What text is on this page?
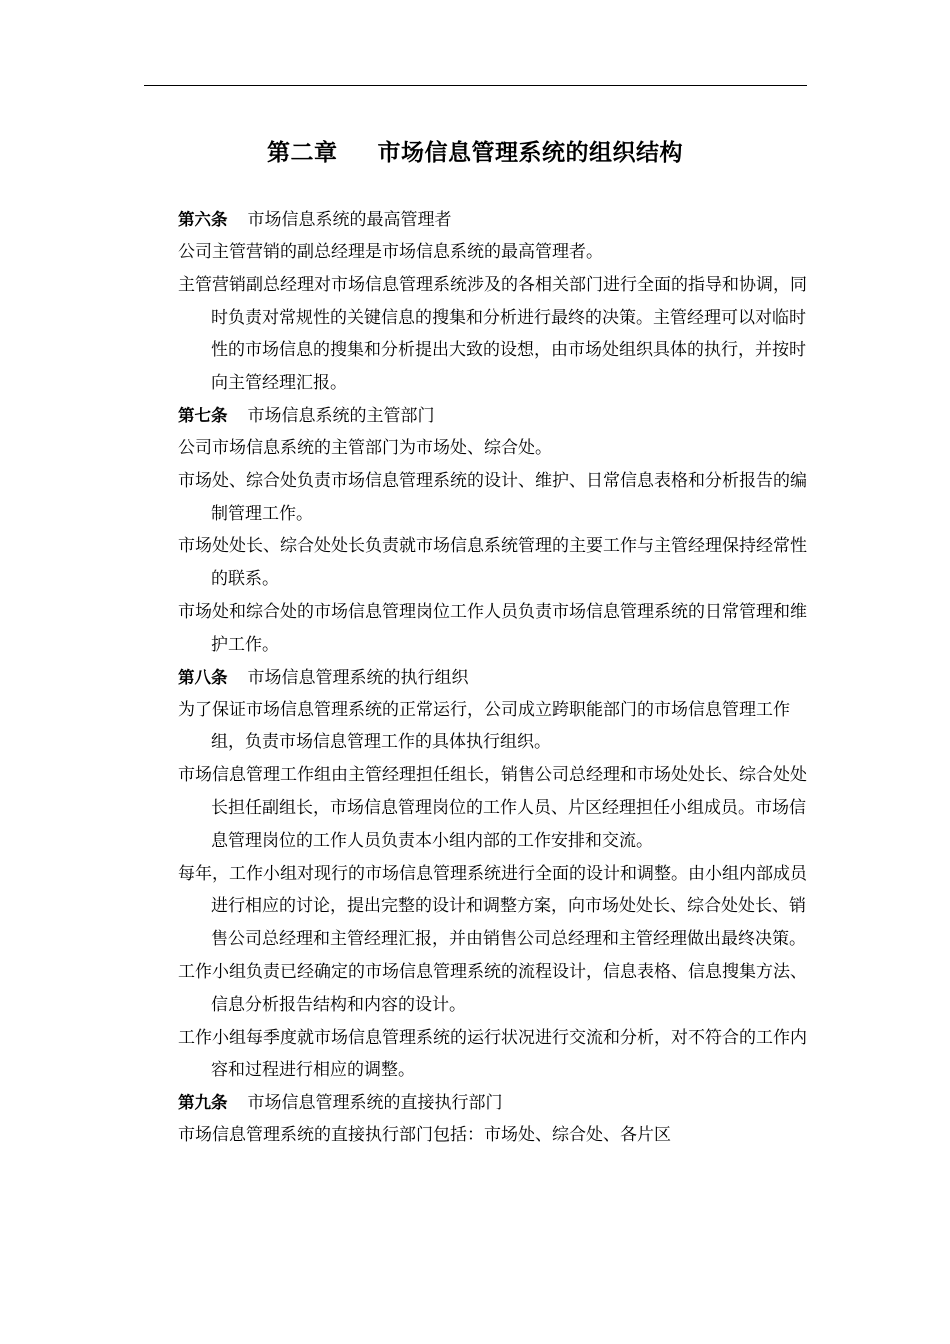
第二章 市场信息管理系统的组织结构
第六条 市场信息系统的最高管理者

公司主管营销的副总经理是市场信息系统的最高管理者。

主管营销副总经理对市场信息管理系统涉及的各相关部门进行全面的指导和协调，同时负责对常规性的关键信息的搜集和分析进行最终的决策。主管经理可以对临时性的市场信息的搜集和分析提出大致的设想，由市场处组织具体的执行，并按时向主管经理汇报。

第七条 市场信息系统的主管部门

公司市场信息系统的主管部门为市场处、综合处。

市场处、综合处负责市场信息管理系统的设计、维护、日常信息表格和分析报告的编制管理工作。

市场处处长、综合处处长负责就市场信息系统管理的主要工作与主管经理保持经常性的联系。

市场处和综合处的市场信息管理岗位工作人员负责市场信息管理系统的日常管理和维护工作。

第八条 市场信息管理系统的执行组织

为了保证市场信息管理系统的正常运行，公司成立跨职能部门的市场信息管理工作组，负责市场信息管理工作的具体执行组织。

市场信息管理工作组由主管经理担任组长，销售公司总经理和市场处处长、综合处处长担任副组长，市场信息管理岗位的工作人员、片区经理担任小组成员。市场信息管理岗位的工作人员负责本小组内部的工作安排和交流。

每年，工作小组对现行的市场信息管理系统进行全面的设计和调整。由小组内部成员进行相应的讨论，提出完整的设计和调整方案，向市场处处长、综合处处长、销售公司总经理和主管经理汇报，并由销售公司总经理和主管经理做出最终决策。

工作小组负责已经确定的市场信息管理系统的流程设计，信息表格、信息搜集方法、信息分析报告结构和内容的设计。

工作小组每季度就市场信息管理系统的运行状况进行交流和分析，对不符合的工作内容和过程进行相应的调整。

第九条 市场信息管理系统的直接执行部门

市场信息管理系统的直接执行部门包括：市场处、综合处、各片区
